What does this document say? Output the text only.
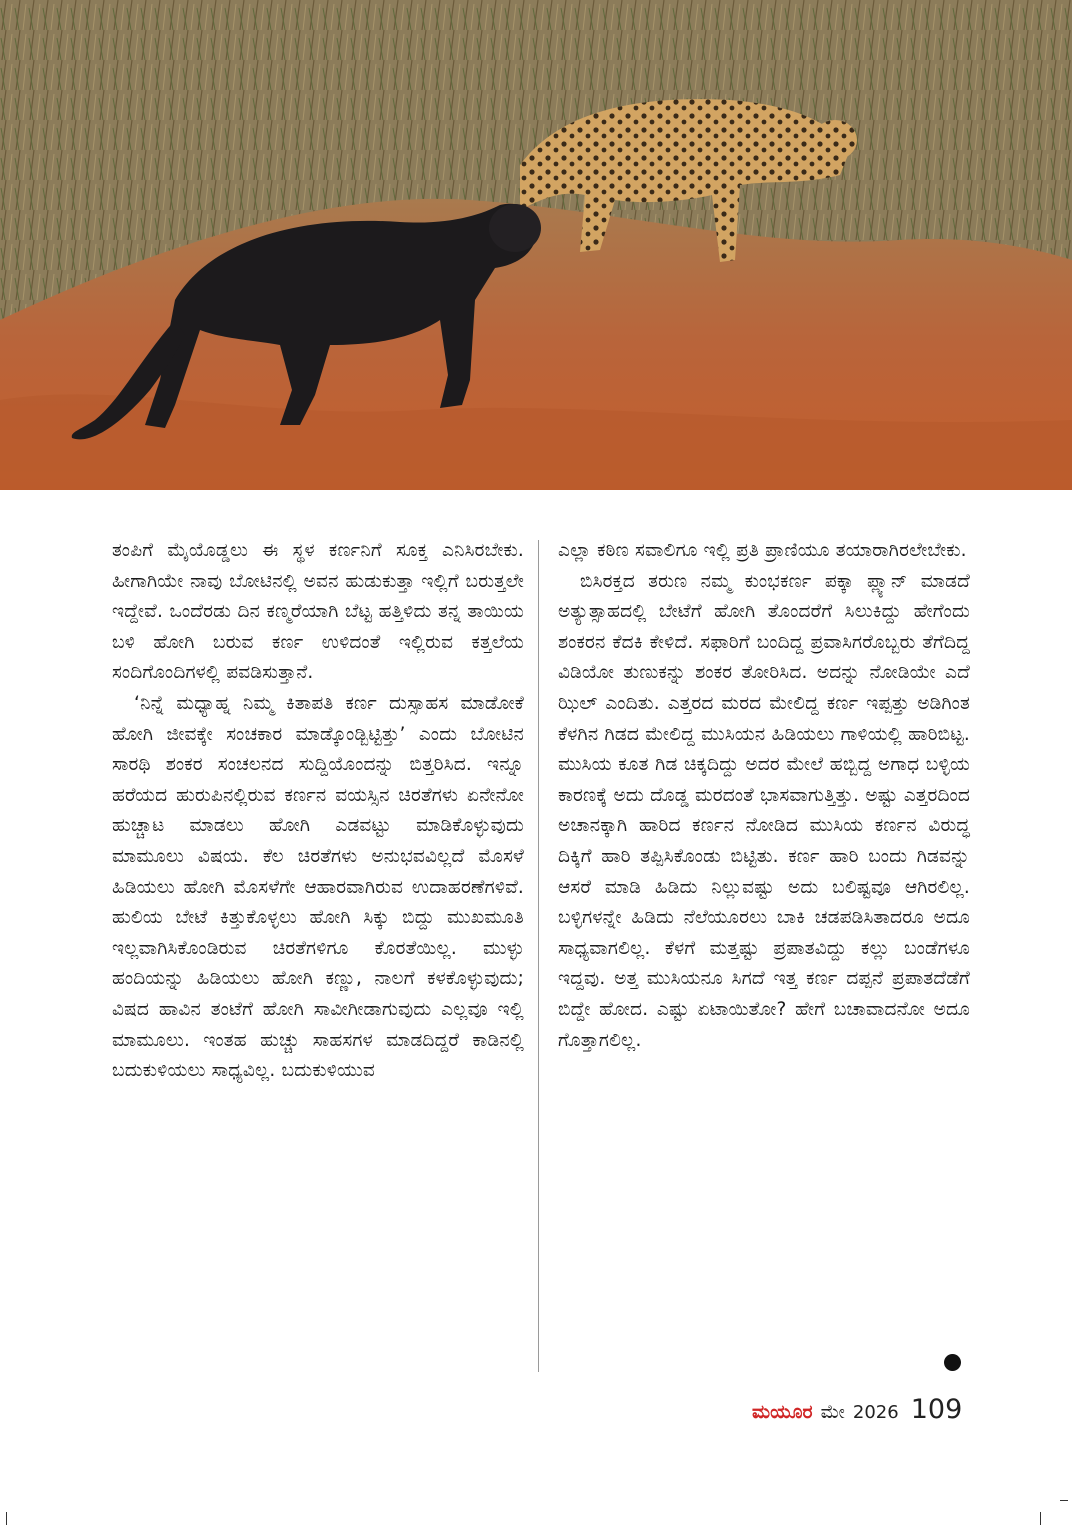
ತಂಪಿಗೆ ಮೈಯೊಡ್ಡಲು ಈ ಸ್ಥಳ ಕರ್ಣನಿಗೆ ಸೂಕ್ತ ಎನಿಸಿರಬೇಕು. ಹೀಗಾಗಿಯೇ ನಾವು ಬೋಟಿನಲ್ಲಿ ಅವನ ಹುಡುಕುತ್ತಾ ಇಲ್ಲಿಗೆ ಬರುತ್ತಲೇ ಇದ್ದೇವೆ. ಒಂದೆರಡು ದಿನ ಕಣ್ಮರೆಯಾಗಿ ಬೆಟ್ಟ ಹತ್ತಿಳಿದು ತನ್ನ ತಾಯಿಯ ಬಳಿ ಹೋಗಿ ಬರುವ ಕರ್ಣ ಉಳಿದಂತೆ ಇಲ್ಲಿರುವ ಕತ್ತಲೆಯ ಸಂದಿಗೊಂದಿಗಳಲ್ಲಿ ಪವಡಿಸುತ್ತಾನೆ.

‘ನಿನ್ನೆ ಮಧ್ಯಾಹ್ನ ನಿಮ್ಮ ಕಿತಾಪತಿ ಕರ್ಣ ದುಸ್ಸಾಹಸ ಮಾಡೋಕೆ ಹೋಗಿ ಜೀವಕ್ಕೇ ಸಂಚಕಾರ ಮಾಡ್ಕೊಂಡ್ಬಿಟ್ಟಿತ್ತು’ ಎಂದು ಬೋಟಿನ ಸಾರಥಿ ಶಂಕರ ಸಂಚಲನದ ಸುದ್ದಿಯೊಂದನ್ನು ಬಿತ್ತರಿಸಿದ. ಇನ್ನೂ ಹರೆಯದ ಹುರುಪಿನಲ್ಲಿರುವ ಕರ್ಣನ ವಯಸ್ಸಿನ ಚಿರತೆಗಳು ಏನೇನೋ ಹುಚ್ಚಾಟ ಮಾಡಲು ಹೋಗಿ ಎಡವಟ್ಟು ಮಾಡಿಕೊಳ್ಳುವುದು ಮಾಮೂಲು ವಿಷಯ. ಕೆಲ ಚಿರತೆಗಳು ಅನುಭವವಿಲ್ಲದೆ ಮೊಸಳೆ ಹಿಡಿಯಲು ಹೋಗಿ ಮೊಸಳೆಗೇ ಆಹಾರವಾಗಿರುವ ಉದಾಹರಣೆಗಳಿವೆ. ಹುಲಿಯ ಬೇಟೆ ಕಿತ್ತುಕೊಳ್ಳಲು ಹೋಗಿ ಸಿಕ್ಕು ಬಿದ್ದು ಮುಖಮೂತಿ ಇಲ್ಲವಾಗಿಸಿಕೊಂಡಿರುವ ಚಿರತೆಗಳಿಗೂ ಕೊರತೆಯಿಲ್ಲ. ಮುಳ್ಳು ಹಂದಿಯನ್ನು ಹಿಡಿಯಲು ಹೋಗಿ ಕಣ್ಣು, ನಾಲಗೆ ಕಳಕೊಳ್ಳುವುದು; ವಿಷದ ಹಾವಿನ ತಂಟೆಗೆ ಹೋಗಿ ಸಾವೀಗೀಡಾಗುವುದು ಎಲ್ಲವೂ ಇಲ್ಲಿ ಮಾಮೂಲು. ಇಂತಹ ಹುಚ್ಚು ಸಾಹಸಗಳ ಮಾಡದಿದ್ದರೆ ಕಾಡಿನಲ್ಲಿ ಬದುಕುಳಿಯಲು ಸಾಧ್ಯವಿಲ್ಲ. ಬದುಕುಳಿಯುವ

ಎಲ್ಲಾ ಕಠಿಣ ಸವಾಲಿಗೂ ಇಲ್ಲಿ ಪ್ರತಿ ಪ್ರಾಣಿಯೂ ತಯಾರಾಗಿರಲೇಬೇಕು.

ಬಿಸಿರಕ್ತದ ತರುಣ ನಮ್ಮ ಕುಂಭಕರ್ಣ ಪಕ್ಕಾ ಪ್ಲ್ಯಾನ್ ಮಾಡದೆ ಅತ್ಯುತ್ಸಾಹದಲ್ಲಿ ಬೇಟೆಗೆ ಹೋಗಿ ತೊಂದರೆಗೆ ಸಿಲುಕಿದ್ದು ಹೇಗೆಂದು ಶಂಕರನ ಕೆದಕಿ ಕೇಳಿದೆ. ಸಫಾರಿಗೆ ಬಂದಿದ್ದ ಪ್ರವಾಸಿಗರೊಬ್ಬರು ತೆಗೆದಿದ್ದ ವಿಡಿಯೋ ತುಣುಕನ್ನು ಶಂಕರ ತೋರಿಸಿದ. ಅದನ್ನು ನೋಡಿಯೇ ಎದೆ ಝಿಲ್ ಎಂದಿತು. ಎತ್ತರದ ಮರದ ಮೇಲಿದ್ದ ಕರ್ಣ ಇಪ್ಪತ್ತು ಅಡಿಗಿಂತ ಕೆಳಗಿನ ಗಿಡದ ಮೇಲಿದ್ದ ಮುಸಿಯನ ಹಿಡಿಯಲು ಗಾಳಿಯಲ್ಲಿ ಹಾರಿಬಿಟ್ಟ. ಮುಸಿಯ ಕೂತ ಗಿಡ ಚಿಕ್ಕದಿದ್ದು ಅದರ ಮೇಲೆ ಹಬ್ಬಿದ್ದ ಅಗಾಧ ಬಳ್ಳಿಯ ಕಾರಣಕ್ಕೆ ಅದು ದೊಡ್ಡ ಮರದಂತೆ ಭಾಸವಾಗುತ್ತಿತ್ತು. ಅಷ್ಟು ಎತ್ತರದಿಂದ ಅಚಾನಕ್ಕಾಗಿ ಹಾರಿದ ಕರ್ಣನ ನೋಡಿದ ಮುಸಿಯ ಕರ್ಣನ ವಿರುದ್ಧ ದಿಕ್ಕಿಗೆ ಹಾರಿ ತಪ್ಪಿಸಿಕೊಂಡು ಬಿಟ್ಟಿತು. ಕರ್ಣ ಹಾರಿ ಬಂದು ಗಿಡವನ್ನು ಆಸರೆ ಮಾಡಿ ಹಿಡಿದು ನಿಲ್ಲುವಷ್ಟು ಅದು ಬಲಿಷ್ಟವೂ ಆಗಿರಲಿಲ್ಲ. ಬಳ್ಳಿಗಳನ್ನೇ ಹಿಡಿದು ನೆಲೆಯೂರಲು ಬಾಕಿ ಚಡಪಡಿಸಿತಾದರೂ ಅದೂ ಸಾಧ್ಯವಾಗಲಿಲ್ಲ. ಕೆಳಗೆ ಮತ್ತಷ್ಟು ಪ್ರಪಾತವಿದ್ದು ಕಲ್ಲು ಬಂಡೆಗಳೂ ಇದ್ದವು. ಅತ್ತ ಮುಸಿಯನೂ ಸಿಗದೆ ಇತ್ತ ಕರ್ಣ ದಪ್ಪನೆ ಪ್ರಪಾತದೆಡೆಗೆ ಬಿದ್ದೇ ಹೋದ. ಎಷ್ಟು ಏಟಾಯಿತೋ? ಹೇಗೆ ಬಚಾವಾದನೋ ಅದೂ ಗೊತ್ತಾಗಲಿಲ್ಲ.

ಮಯೂರ ಮೇ 2026 109
